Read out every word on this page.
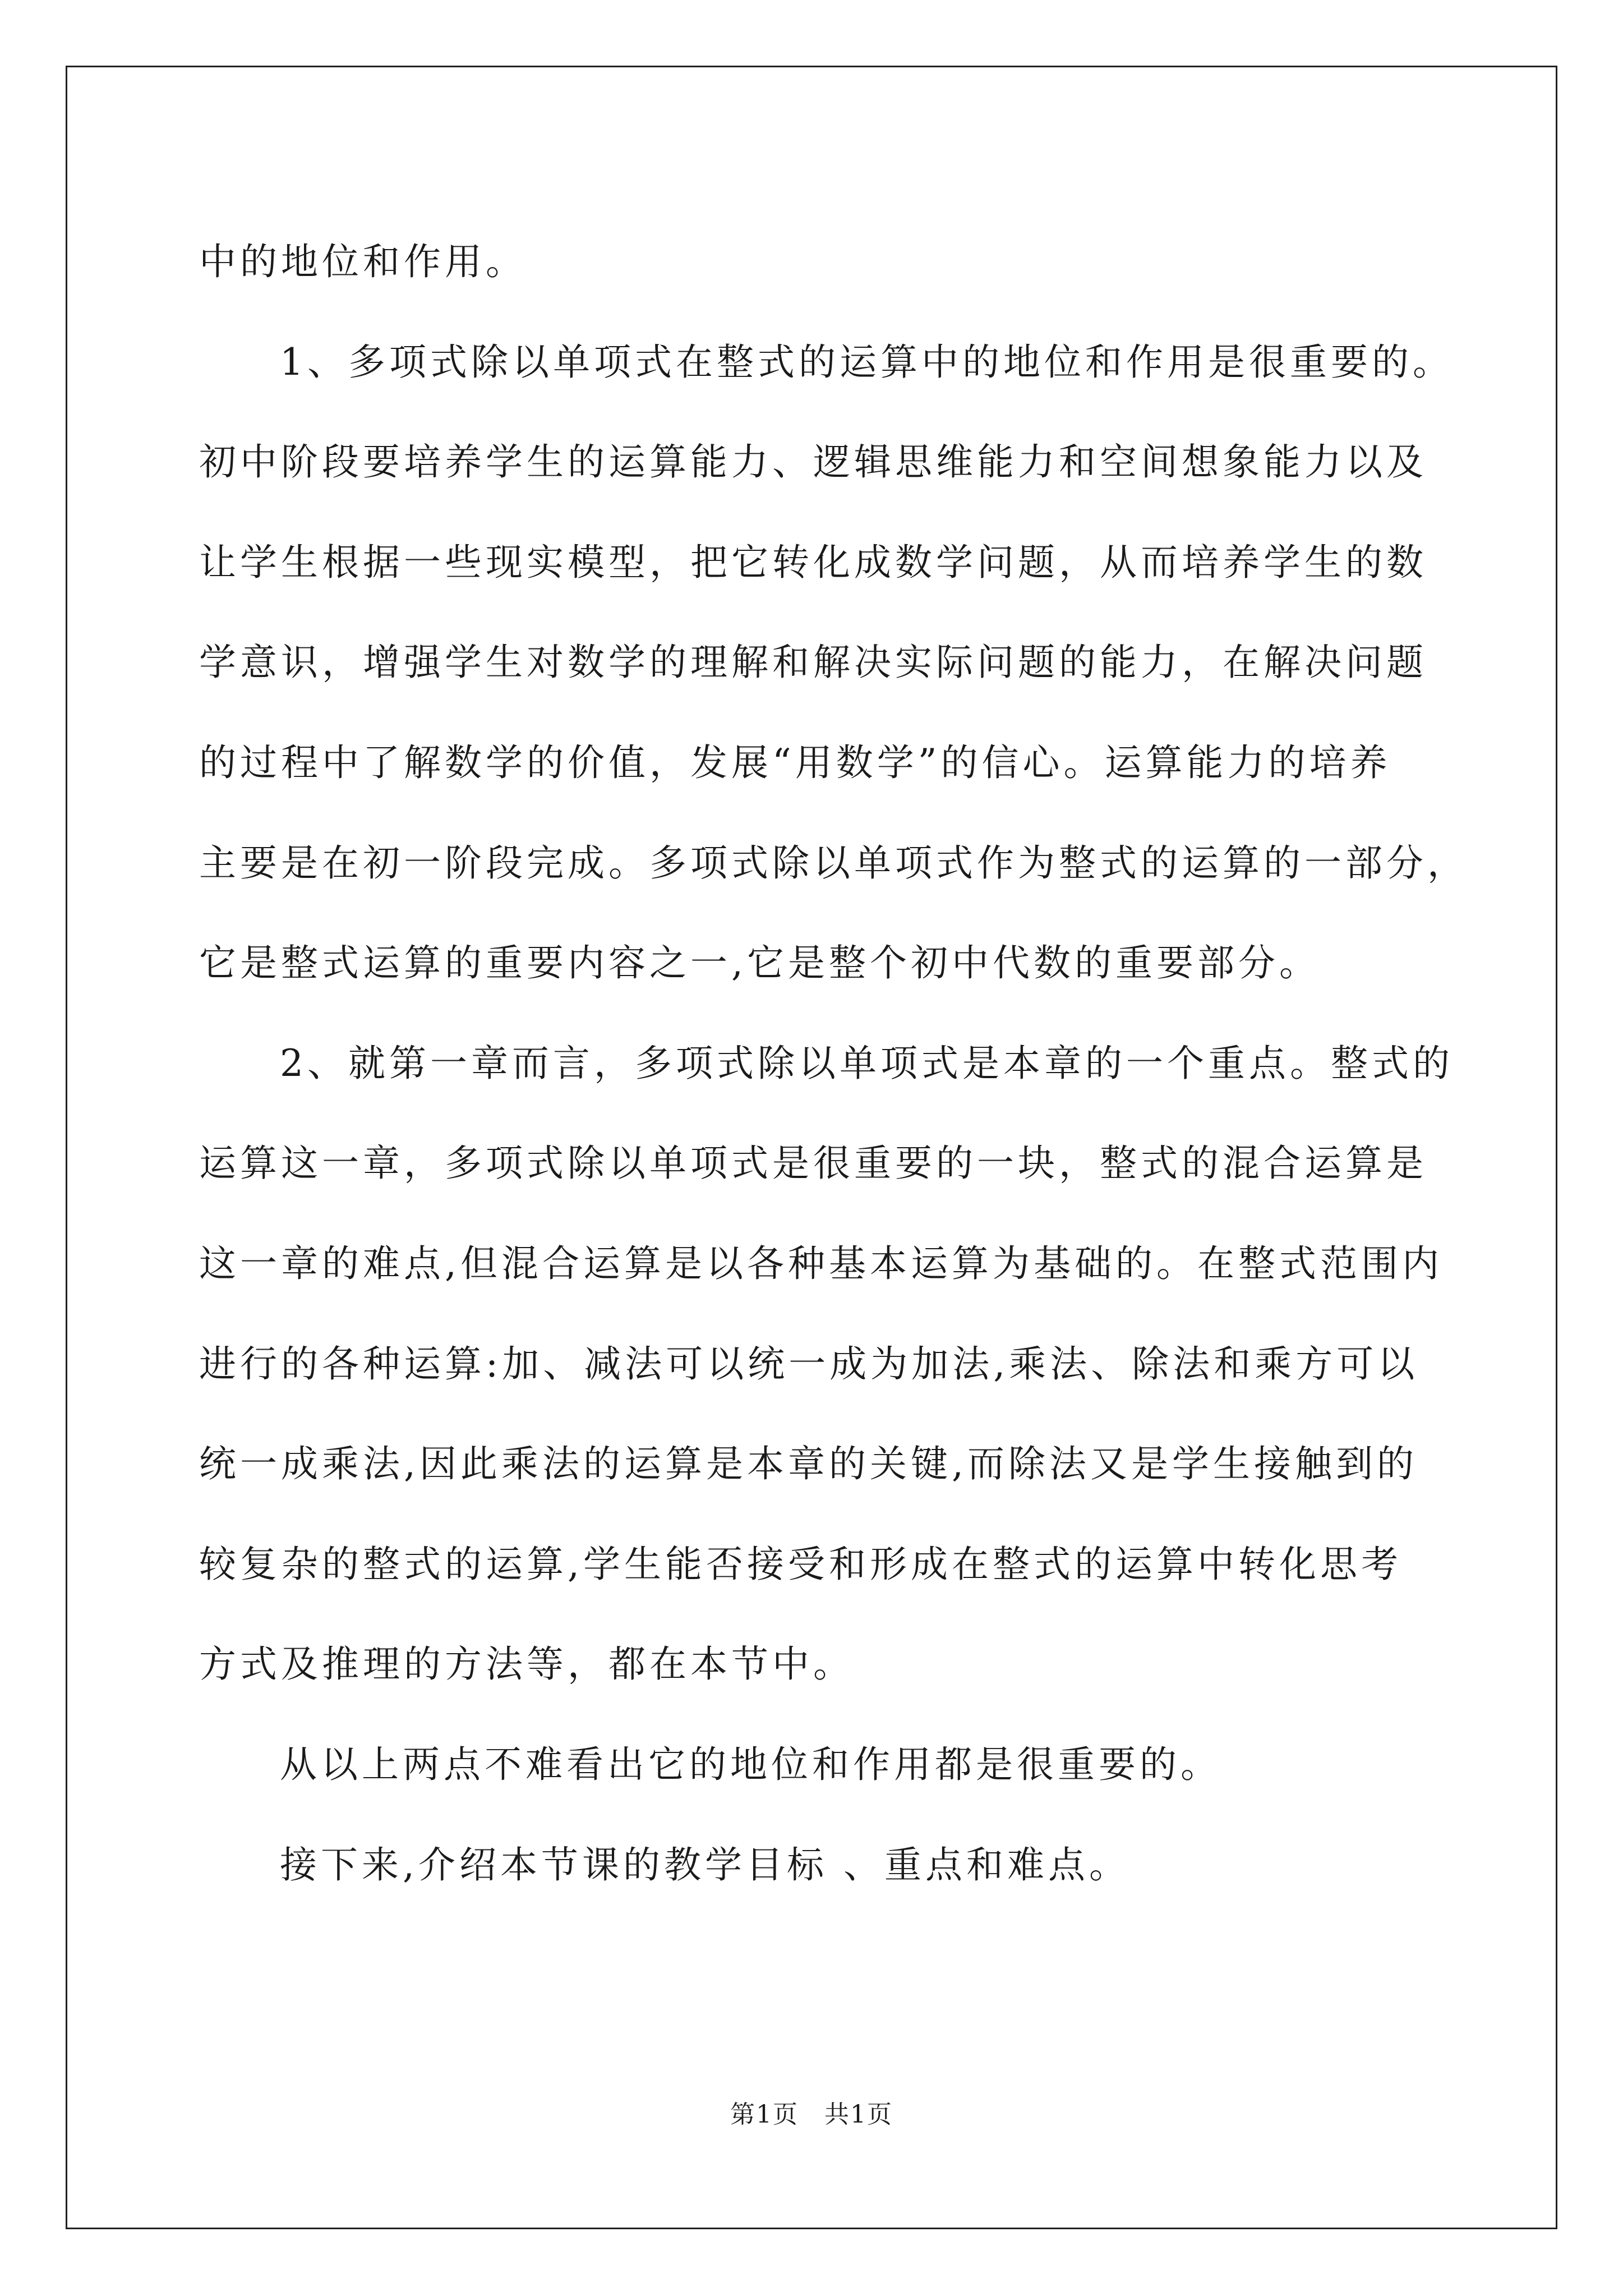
中的地位和作用。
1、多项式除以单项式在整式的运算中的地位和作用是很重要的。
初中阶段要培养学生的运算能力、逻辑思维能力和空间想象能力以及
让学生根据一些现实模型，把它转化成数学问题，从而培养学生的数
学意识，增强学生对数学的理解和解决实际问题的能力，在解决问题
的过程中了解数学的价值，发展“用数学”的信心。运算能力的培养
主要是在初一阶段完成。多项式除以单项式作为整式的运算的一部分，
它是整式运算的重要内容之一,它是整个初中代数的重要部分。
2、就第一章而言，多项式除以单项式是本章的一个重点。整式的
运算这一章，多项式除以单项式是很重要的一块，整式的混合运算是
这一章的难点,但混合运算是以各种基本运算为基础的。在整式范围内
进行的各种运算:加、减法可以统一成为加法,乘法、除法和乘方可以
统一成乘法,因此乘法的运算是本章的关键,而除法又是学生接触到的
较复杂的整式的运算,学生能否接受和形成在整式的运算中转化思考
方式及推理的方法等，都在本节中。
从以上两点不难看出它的地位和作用都是很重要的。
接下来,介绍本节课的教学目标 、重点和难点。
第1页　共1页
